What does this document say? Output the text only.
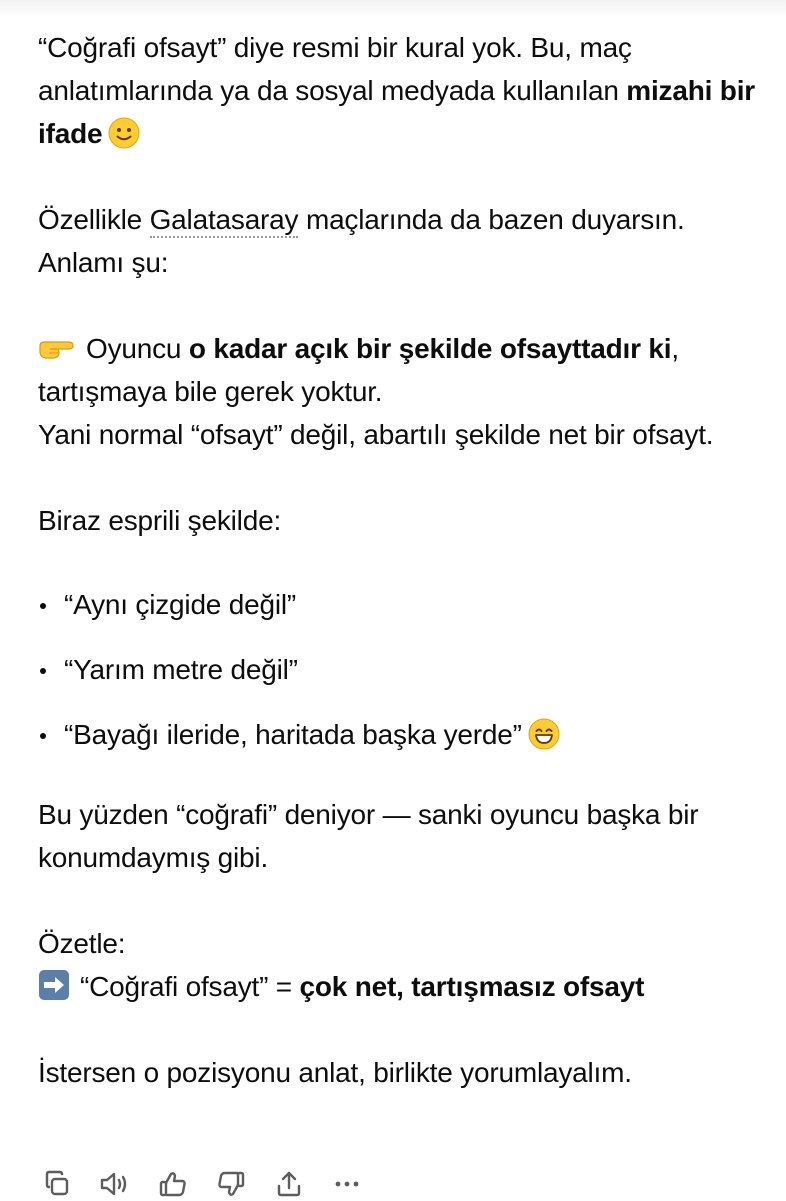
“Coğrafi ofsayt” diye resmi bir kural yok. Bu, maç anlatımlarında ya da sosyal medyada kullanılan mizahi bir ifade

Özellikle Galatasaray maçlarında da bazen duyarsın. Anlamı şu:

Oyuncu o kadar açık bir şekilde ofsayttadır ki, tartışmaya bile gerek yoktur.
Yani normal “ofsayt” değil, abartılı şekilde net bir ofsayt.

Biraz esprili şekilde:

“Aynı çizgide değil”
“Yarım metre değil”
“Bayağı ileride, haritada başka yerde”

Bu yüzden “coğrafi” deniyor — sanki oyuncu başka bir konumdaymış gibi.

Özetle:

“Coğrafi ofsayt” = çok net, tartışmasız ofsayt

İstersen o pozisyonu anlat, birlikte yorumlayalım.
